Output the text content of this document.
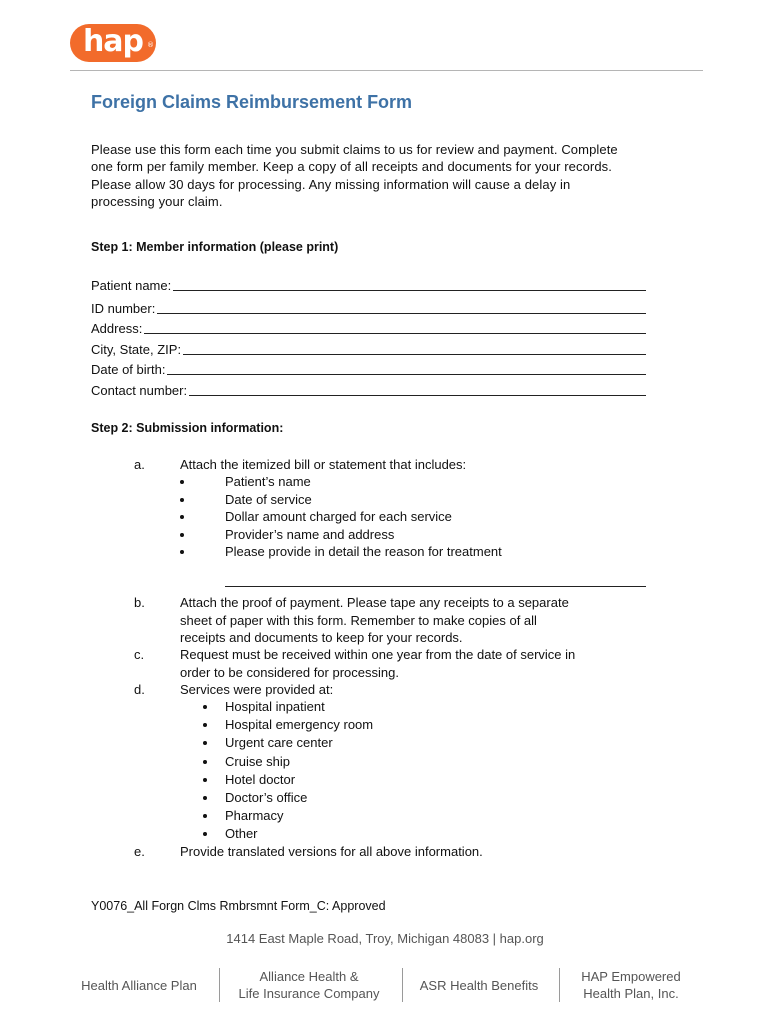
hap ®
Foreign Claims Reimbursement Form
Please use this form each time you submit claims to us for review and payment. Complete
one form per family member. Keep a copy of all receipts and documents for your records.
Please allow 30 days for processing. Any missing information will cause a delay in
processing your claim.
Step 1: Member information (please print)
Patient name:
ID number:
Address:
City, State, ZIP:
Date of birth:
Contact number:
Step 2: Submission information:
a.	Attach the itemized bill or statement that includes:
Patient’s name
Date of service
Dollar amount charged for each service
Provider’s name and address
Please provide in detail the reason for treatment
b.	Attach the proof of payment. Please tape any receipts to a separate
sheet of paper with this form. Remember to make copies of all
receipts and documents to keep for your records.
c.	Request must be received within one year from the date of service in
order to be considered for processing.
d.	Services were provided at:
Hospital inpatient
Hospital emergency room
Urgent care center
Cruise ship
Hotel doctor
Doctor’s office
Pharmacy
Other
e.	Provide translated versions for all above information.
Y0076_All Forgn Clms Rmbrsmnt Form_C: Approved
1414 East Maple Road, Troy, Michigan 48083 | hap.org
Health Alliance Plan
Alliance Health &
Life Insurance Company
ASR Health Benefits
HAP Empowered
Health Plan, Inc.
